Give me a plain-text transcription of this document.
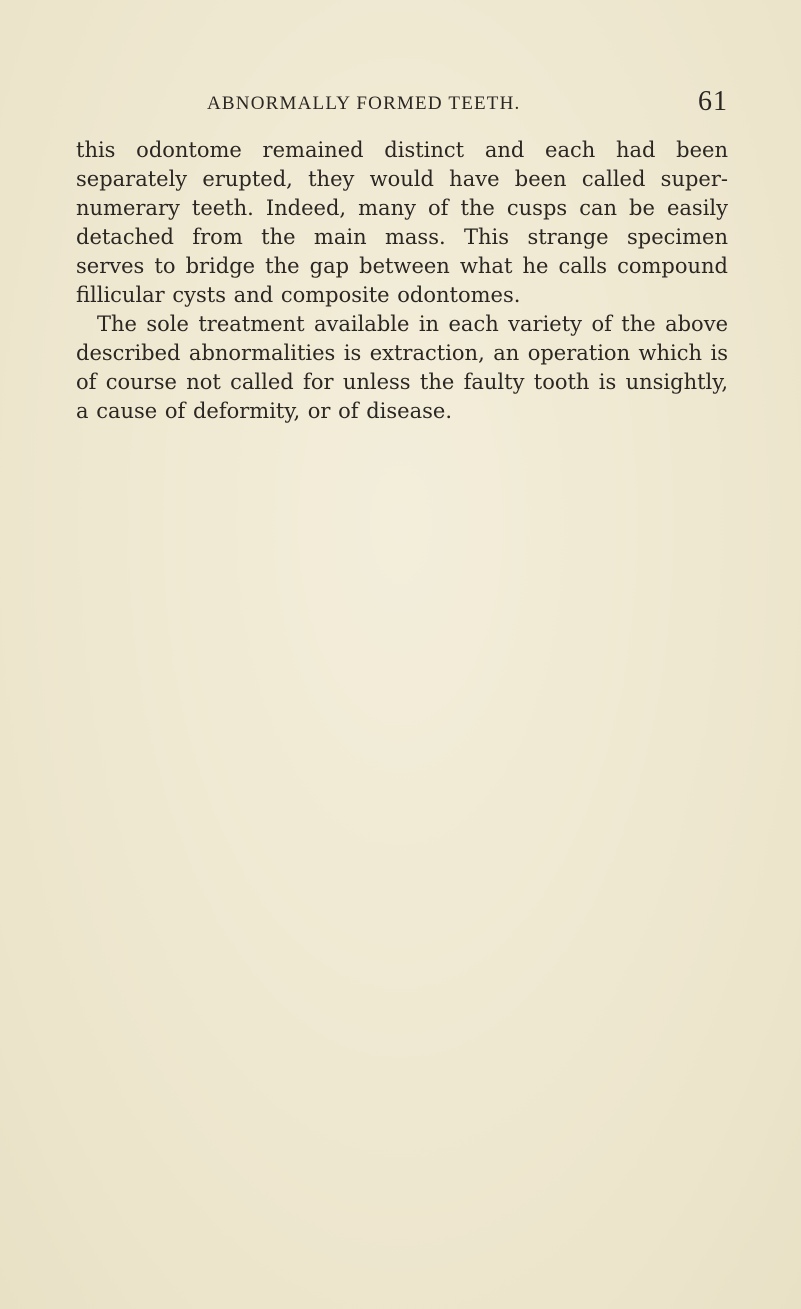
ABNORMALLY FORMED TEETH.	61

this odontome remained distinct and each had been separately erupted, they would have been called super-numerary teeth. Indeed, many of the cusps can be easily detached from the main mass. This strange specimen serves to bridge the gap between what he calls compound fillicular cysts and composite odontomes.

The sole treatment available in each variety of the above described abnormalities is extraction, an operation which is of course not called for unless the faulty tooth is unsightly, a cause of deformity, or of disease.
